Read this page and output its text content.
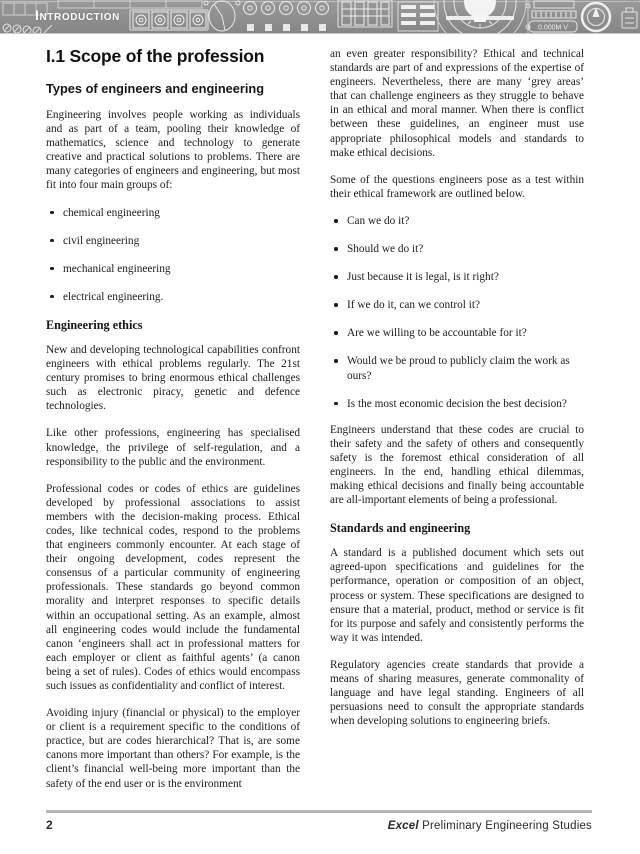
0.000M V
Introduction
I.1 Scope of the profession
Types of engineers and engineering

Engineering involves people working as individuals and as part of a team, pooling their knowledge of mathematics, science and technology to generate creative and practical solutions to problems. There are many categories of engineers and engineering, but most fit into four main groups of:

chemical engineering
civil engineering
mechanical engineering
electrical engineering.
Engineering ethics

New and developing technological capabilities confront engineers with ethical problems regularly. The 21st century promises to bring enormous ethical challenges such as electronic piracy, genetic and defence technologies.

Like other professions, engineering has specialised knowledge, the privilege of self-regulation, and a responsibility to the public and the environment.

Professional codes or codes of ethics are guidelines developed by professional associations to assist members with the decision-making process. Ethical codes, like technical codes, respond to the problems that engineers commonly encounter. At each stage of their ongoing development, codes represent the consensus of a particular community of engineering professionals. These standards go beyond common morality and interpret responses to specific details within an occupational setting. As an example, almost all engineering codes would include the fundamental canon ‘engineers shall act in professional matters for each employer or client as faithful agents’ (a canon being a set of rules). Codes of ethics would encompass such issues as confidentiality and conflict of interest.

Avoiding injury (financial or physical) to the employer or client is a requirement specific to the conditions of practice, but are codes hierarchical? That is, are some canons more important than others? For example, is the client’s financial well-being more important than the safety of the end user or is the environment

an even greater responsibility? Ethical and technical standards are part of and expressions of the expertise of engineers. Nevertheless, there are many ‘grey areas’ that can challenge engineers as they struggle to behave in an ethical and moral manner. When there is conflict between these guidelines, an engineer must use appropriate philosophical models and standards to make ethical decisions.

Some of the questions engineers pose as a test within their ethical framework are outlined below.

Can we do it?
Should we do it?
Just because it is legal, is it right?
If we do it, can we control it?
Are we willing to be accountable for it?
Would we be proud to publicly claim the work as ours?
Is the most economic decision the best decision?

Engineers understand that these codes are crucial to their safety and the safety of others and consequently safety is the foremost ethical consideration of all engineers. In the end, handling ethical dilemmas, making ethical decisions and finally being accountable are all-important elements of being a professional.

Standards and engineering

A standard is a published document which sets out agreed-upon specifications and guidelines for the performance, operation or composition of an object, process or system. These specifications are designed to ensure that a material, product, method or service is fit for its purpose and safely and consistently performs the way it was intended.

Regulatory agencies create standards that provide a means of sharing measures, generate commonality of language and have legal standing. Engineers of all persuasions need to consult the appropriate standards when developing solutions to engineering briefs.

2	Excel Preliminary Engineering Studies
